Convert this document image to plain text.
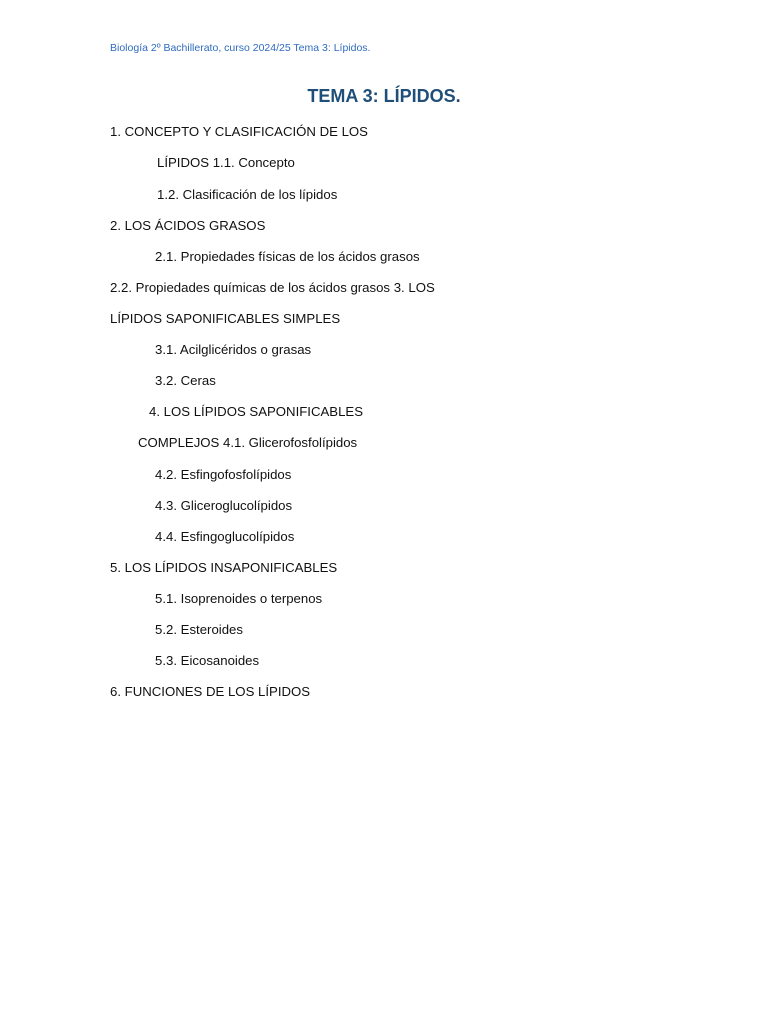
Biología 2º Bachillerato, curso 2024/25 Tema 3: Lípidos.
TEMA 3: LÍPIDOS.
1. CONCEPTO Y CLASIFICACIÓN DE LOS
LÍPIDOS 1.1. Concepto
1.2. Clasificación de los lípidos
2. LOS ÁCIDOS GRASOS
2.1. Propiedades físicas de los ácidos grasos
2.2. Propiedades químicas de los ácidos grasos 3. LOS
LÍPIDOS SAPONIFICABLES SIMPLES
3.1. Acilglicéridos o grasas
3.2. Ceras
4. LOS LÍPIDOS SAPONIFICABLES
COMPLEJOS 4.1. Glicerofosfolípidos
4.2. Esfingofosfolípidos
4.3. Gliceroglucolípidos
4.4. Esfingoglucolípidos
5. LOS LÍPIDOS INSAPONIFICABLES
5.1. Isoprenoides o terpenos
5.2. Esteroides
5.3. Eicosanoides
6. FUNCIONES DE LOS LÍPIDOS
